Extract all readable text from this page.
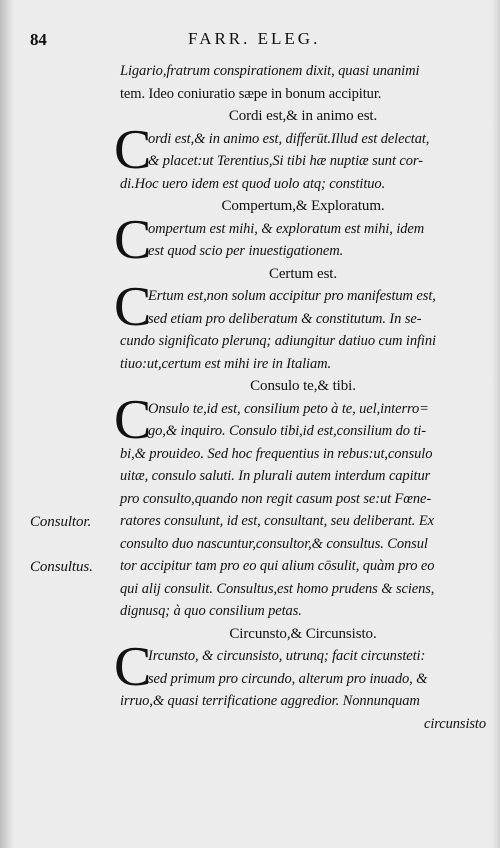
84	FARR. ELEG.
Consultor.
Consultus.
Ligario,fratrum conspirationem dixit, quasi unanimi
tem. Ideo coniuratio sæpe in bonum accipitur.
Cordi est,& in animo est.
C
ordi est,& in animo est, differūt.Illud est delectat,
& placet:ut Terentius,Si tibi hæ nuptiæ sunt cor-
di.Hoc uero idem est quod uolo atq; constituo.
Compertum,& Exploratum.
C
ompertum est mihi, & exploratum est mihi, idem
est quod scio per inuestigationem.
Certum est.
C
Ertum est,non solum accipitur pro manifestum est,
sed etiam pro deliberatum & constitutum. In se-
cundo significato plerunq; adiungitur datiuo cum infini
tiuo:ut,certum est mihi ire in Italiam.
Consulo te,& tibi.
C
Onsulo te,id est, consilium peto à te, uel,interro=
go,& inquiro. Consulo tibi,id est,consilium do ti-
bi,& prouideo. Sed hoc frequentius in rebus:ut,consulo
uitæ, consulo saluti. In plurali autem interdum capitur
pro consulto,quando non regit casum post se:ut Fœne-
ratores consulunt, id est, consultant, seu deliberant. Ex
consulto duo nascuntur,consultor,& consultus. Consul
tor accipitur tam pro eo qui alium cōsulit, quàm pro eo
qui alij consulit. Consultus,est homo prudens & sciens,
dignusq; à quo consilium petas.
Circunsto,& Circunsisto.
C
Ircunsto, & circunsisto, utrunq; facit circunsteti:
sed primum pro circundo, alterum pro inuado, &
irruo,& quasi terrificatione aggredior. Nonnunquam
circunsisto
